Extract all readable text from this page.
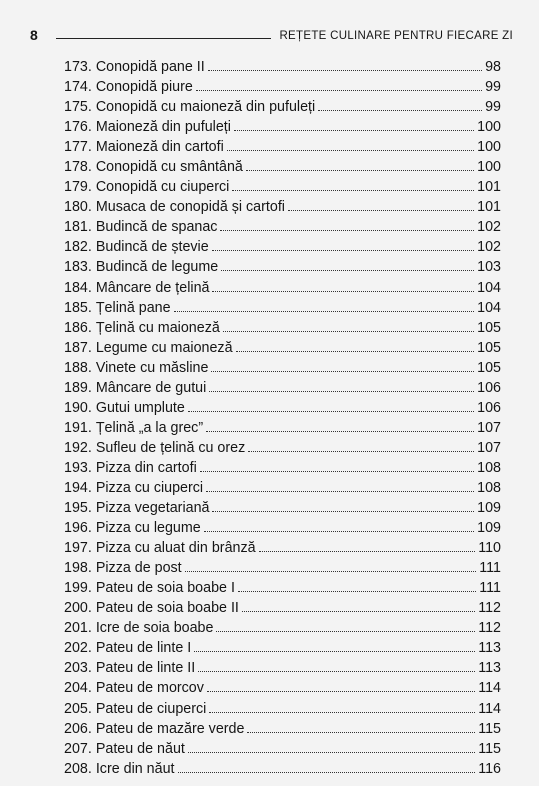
8	REȚETE CULINARE PENTRU FIECARE ZI
173. Conopidă pane II	98
174. Conopidă piure	99
175. Conopidă cu maioneză din pufuleți	99
176. Maioneză din pufuleți	100
177. Maioneză din cartofi	100
178. Conopidă cu smântână	100
179. Conopidă cu ciuperci	101
180. Musaca de conopidă și cartofi	101
181. Budincă de spanac	102
182. Budincă de ștevie	102
183. Budincă de legume	103
184. Mâncare de țelină	104
185. Țelină pane	104
186. Țelină cu maioneză	105
187. Legume cu maioneză	105
188. Vinete cu măsline	105
189. Mâncare de gutui	106
190. Gutui umplute	106
191. Țelină „a la grec”	107
192. Sufleu de țelină cu orez	107
193. Pizza din cartofi	108
194. Pizza cu ciuperci	108
195. Pizza vegetariană	109
196. Pizza cu legume	109
197. Pizza cu aluat din brânză	110
198. Pizza de post	111
199. Pateu de soia boabe I	111
200. Pateu de soia boabe II	112
201. Icre de soia boabe	112
202. Pateu de linte I	113
203. Pateu de linte II	113
204. Pateu de morcov	114
205. Pateu de ciuperci	114
206. Pateu de mazăre verde	115
207. Pateu de năut	115
208. Icre din năut	116
